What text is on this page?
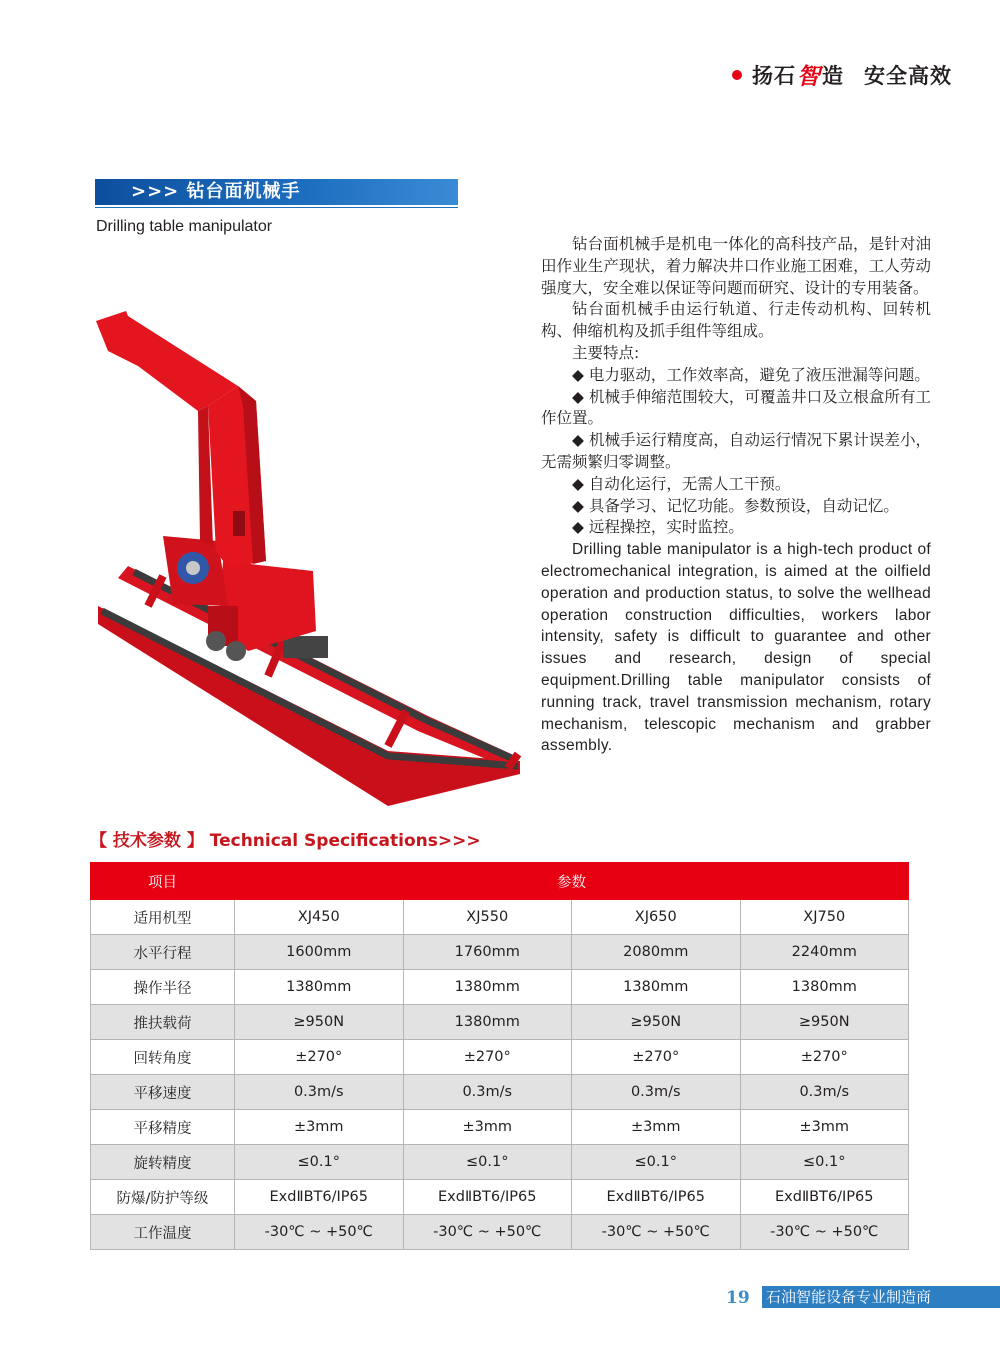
扬石 智 造 安全高效
>>> 钻台面机械手
Drilling table manipulator

钻台面机械手是机电一体化的高科技产品，是针对油田作业生产现状，着力解决井口作业施工困难，工人劳动强度大，安全难以保证等问题而研究、设计的专用装备。

钻台面机械手由运行轨道、行走传动机构、回转机构、伸缩机构及抓手组件等组成。

主要特点:

◆ 电力驱动，工作效率高，避免了液压泄漏等问题。

◆ 机械手伸缩范围较大，可覆盖井口及立根盒所有工作位置。

◆ 机械手运行精度高，自动运行情况下累计误差小，无需频繁归零调整。

◆ 自动化运行，无需人工干预。

◆ 具备学习、记忆功能。参数预设，自动记忆。

◆ 远程操控，实时监控。

Drilling table manipulator is a high-tech product of electromechanical integration, is aimed at the oilfield operation and production status, to solve the wellhead operation construction difficulties, workers labor intensity, safety is difficult to guarantee and other issues and research, design of special equipment.Drilling table manipulator consists of running track, travel transmission mechanism, rotary mechanism, telescopic mechanism and grabber assembly.

【 技术参数 】 Technical Specifications>>>
项目	参数			
适用机型	XJ450	XJ550	XJ650	XJ750
水平行程	1600mm	1760mm	2080mm	2240mm
操作半径	1380mm	1380mm	1380mm	1380mm
推扶载荷	≥950N	1380mm	≥950N	≥950N
回转角度	±270°	±270°	±270°	±270°
平移速度	0.3m/s	0.3m/s	0.3m/s	0.3m/s
平移精度	±3mm	±3mm	±3mm	±3mm
旋转精度	≤0.1°	≤0.1°	≤0.1°	≤0.1°
防爆/防护等级	ExdⅡBT6/IP65	ExdⅡBT6/IP65	ExdⅡBT6/IP65	ExdⅡBT6/IP65
工作温度	-30℃ ~ +50℃	-30℃ ~ +50℃	-30℃ ~ +50℃	-30℃ ~ +50℃
19 石油智能设备专业制造商
